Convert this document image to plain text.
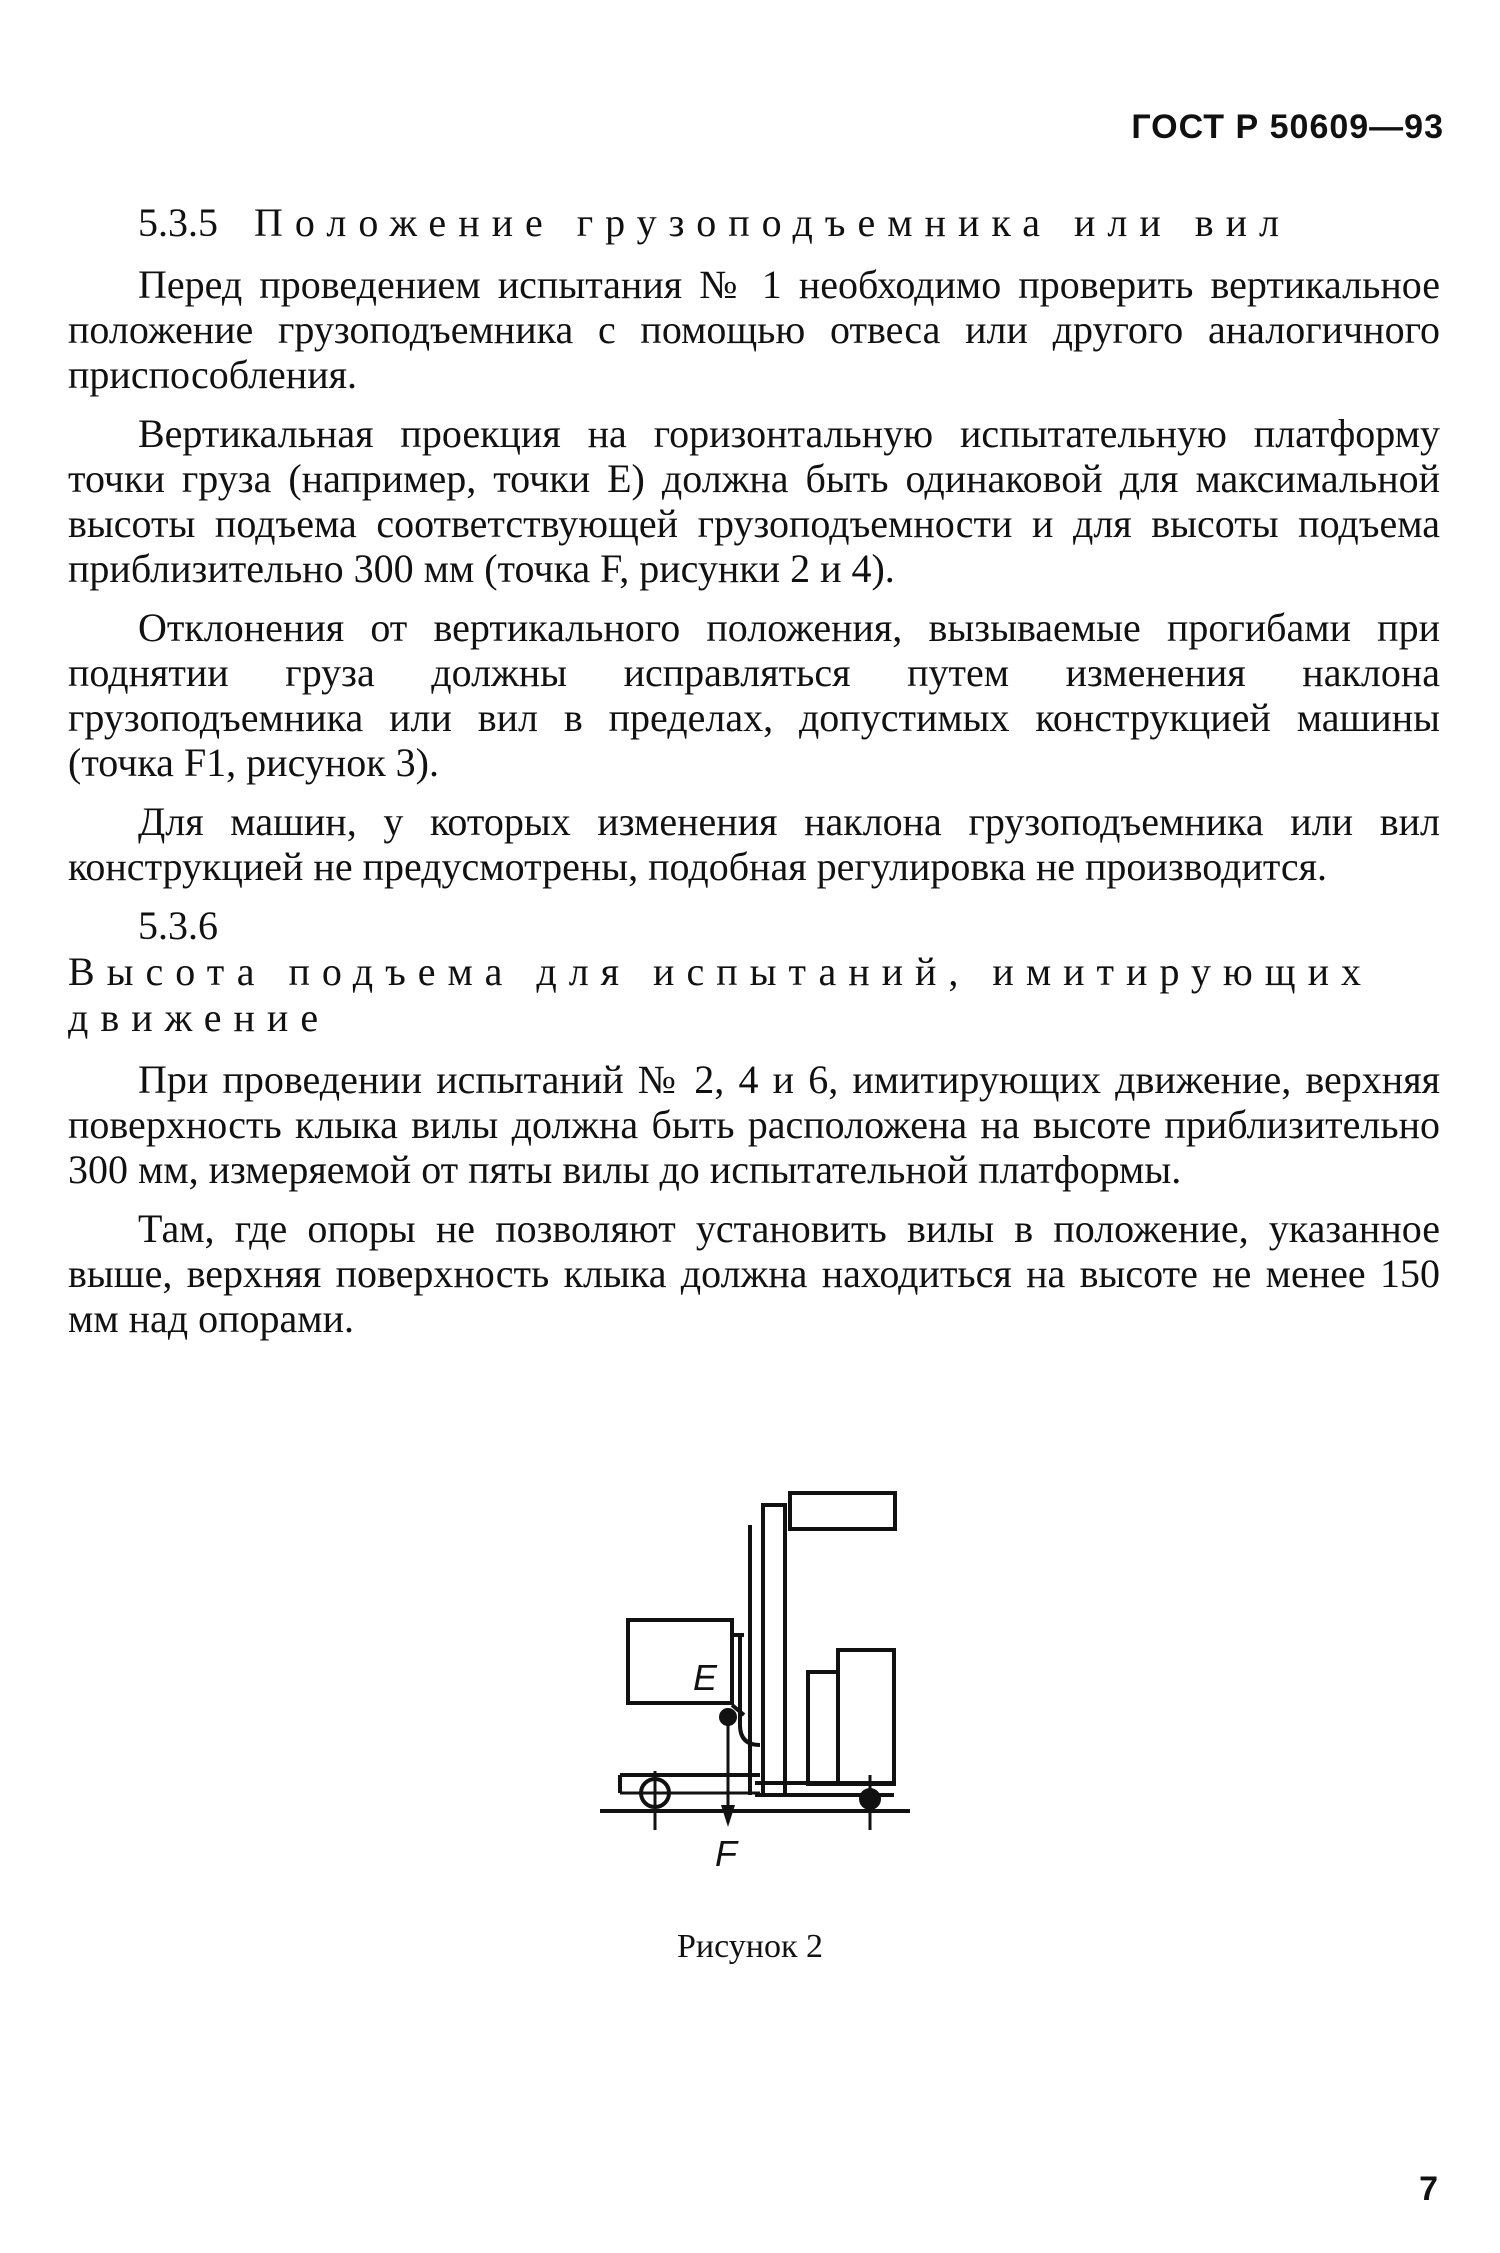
ГОСТ Р 50609—93
5.3.5 Положение грузоподъемника или вил

Перед проведением испытания № 1 необходимо проверить вертикальное положение грузоподъемника с помощью отвеса или другого аналогичного приспособления.

Вертикальная проекция на горизонтальную испытательную платформу точки груза (например, точки E) должна быть одинаковой для максимальной высоты подъема соответствующей грузоподъемности и для высоты подъема приблизительно 300 мм (точка F, рисунки 2 и 4).

Отклонения от вертикального положения, вызываемые прогибами при поднятии груза должны исправляться путем изменения наклона грузоподъемника или вил в пределах, допустимых конструкцией машины (точка F1, рисунок 3).

Для машин, у которых изменения наклона грузоподъемника или вил конструкцией не предусмотрены, подобная регулировка не производится.

5.3.6
Высота подъема для испытаний, имитирующих движение

При проведении испытаний № 2, 4 и 6, имитирующих движение, верхняя поверхность клыка вилы должна быть расположена на высоте приблизительно 300 мм, измеряемой от пяты вилы до испытательной платформы.

Там, где опоры не позволяют установить вилы в положение, указанное выше, верхняя поверхность клыка должна находиться на высоте не менее 150 мм над опорами.

E
F
Рисунок 2
7
